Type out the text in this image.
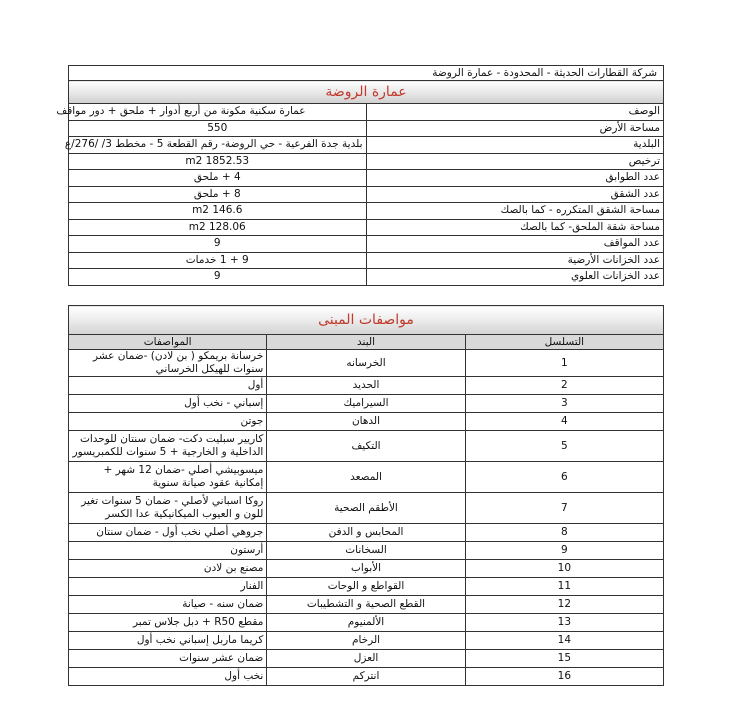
شركة القطارات الحديثة - المحدودة - عمارة الروضة	
عمارة الروضة	
الوصف	عمارة سكنية مكونة من أربع أدوار + ملحق + دور مواقف
مساحة الأرض	550
البلدية	بلدية جدة الفرعية - حي الروضة- رقم القطعة 5 - مخطط 3/ /276/ع
ترخيص	1852.53 m2
عدد الطوابق	4 + ملحق
عدد الشقق	8 + ملحق
مساحة الشقق المتكرره - كما بالصك	146.6 m2
مساحة شقة الملحق- كما بالصك	128.06 m2
عدد المواقف	9
عدد الخزانات الأرضية	9 + 1 خدمات
عدد الخزانات العلوي	9
مواصفات المبنى		
التسلسل	البند	المواصفات
1	الخرسانه	خرسانة بريمكو ( بن لادن) -ضمان عشر سنوات للهيكل الخرساني
2	الحديد	أول
3	السيراميك	إسباني - نخب أول
4	الدهان	جوتن
5	التكيف	كاريير سبليت دكت- ضمان سنتان للوحدات الداخلية و الخارجية + 5 سنوات للكمبريسور
6	المصعد	ميسوبيشي أصلي -ضمان 12 شهر + إمكانية عقود صيانة سنوية
7	الأطقم الصحية	روكا اسباني لأصلي - ضمان 5 سنوات تغير للون و العيوب الميكانيكية عدا الكسر
8	المحابس و الدفن	جروهي أصلي نخب أول - ضمان سنتان
9	السخانات	أرستون
10	الأبواب	مصنع بن لادن
11	القواطع و الوحات	الفنار
12	القطع الصحية و التشطيبات	ضمان سنه - صيانة
13	الألمنيوم	مقطع R50 + دبل جلاس تمبر
14	الرخام	كريما ماربل إسباني نخب أول
15	العزل	ضمان عشر سنوات
16	انتركم	نخب أول
